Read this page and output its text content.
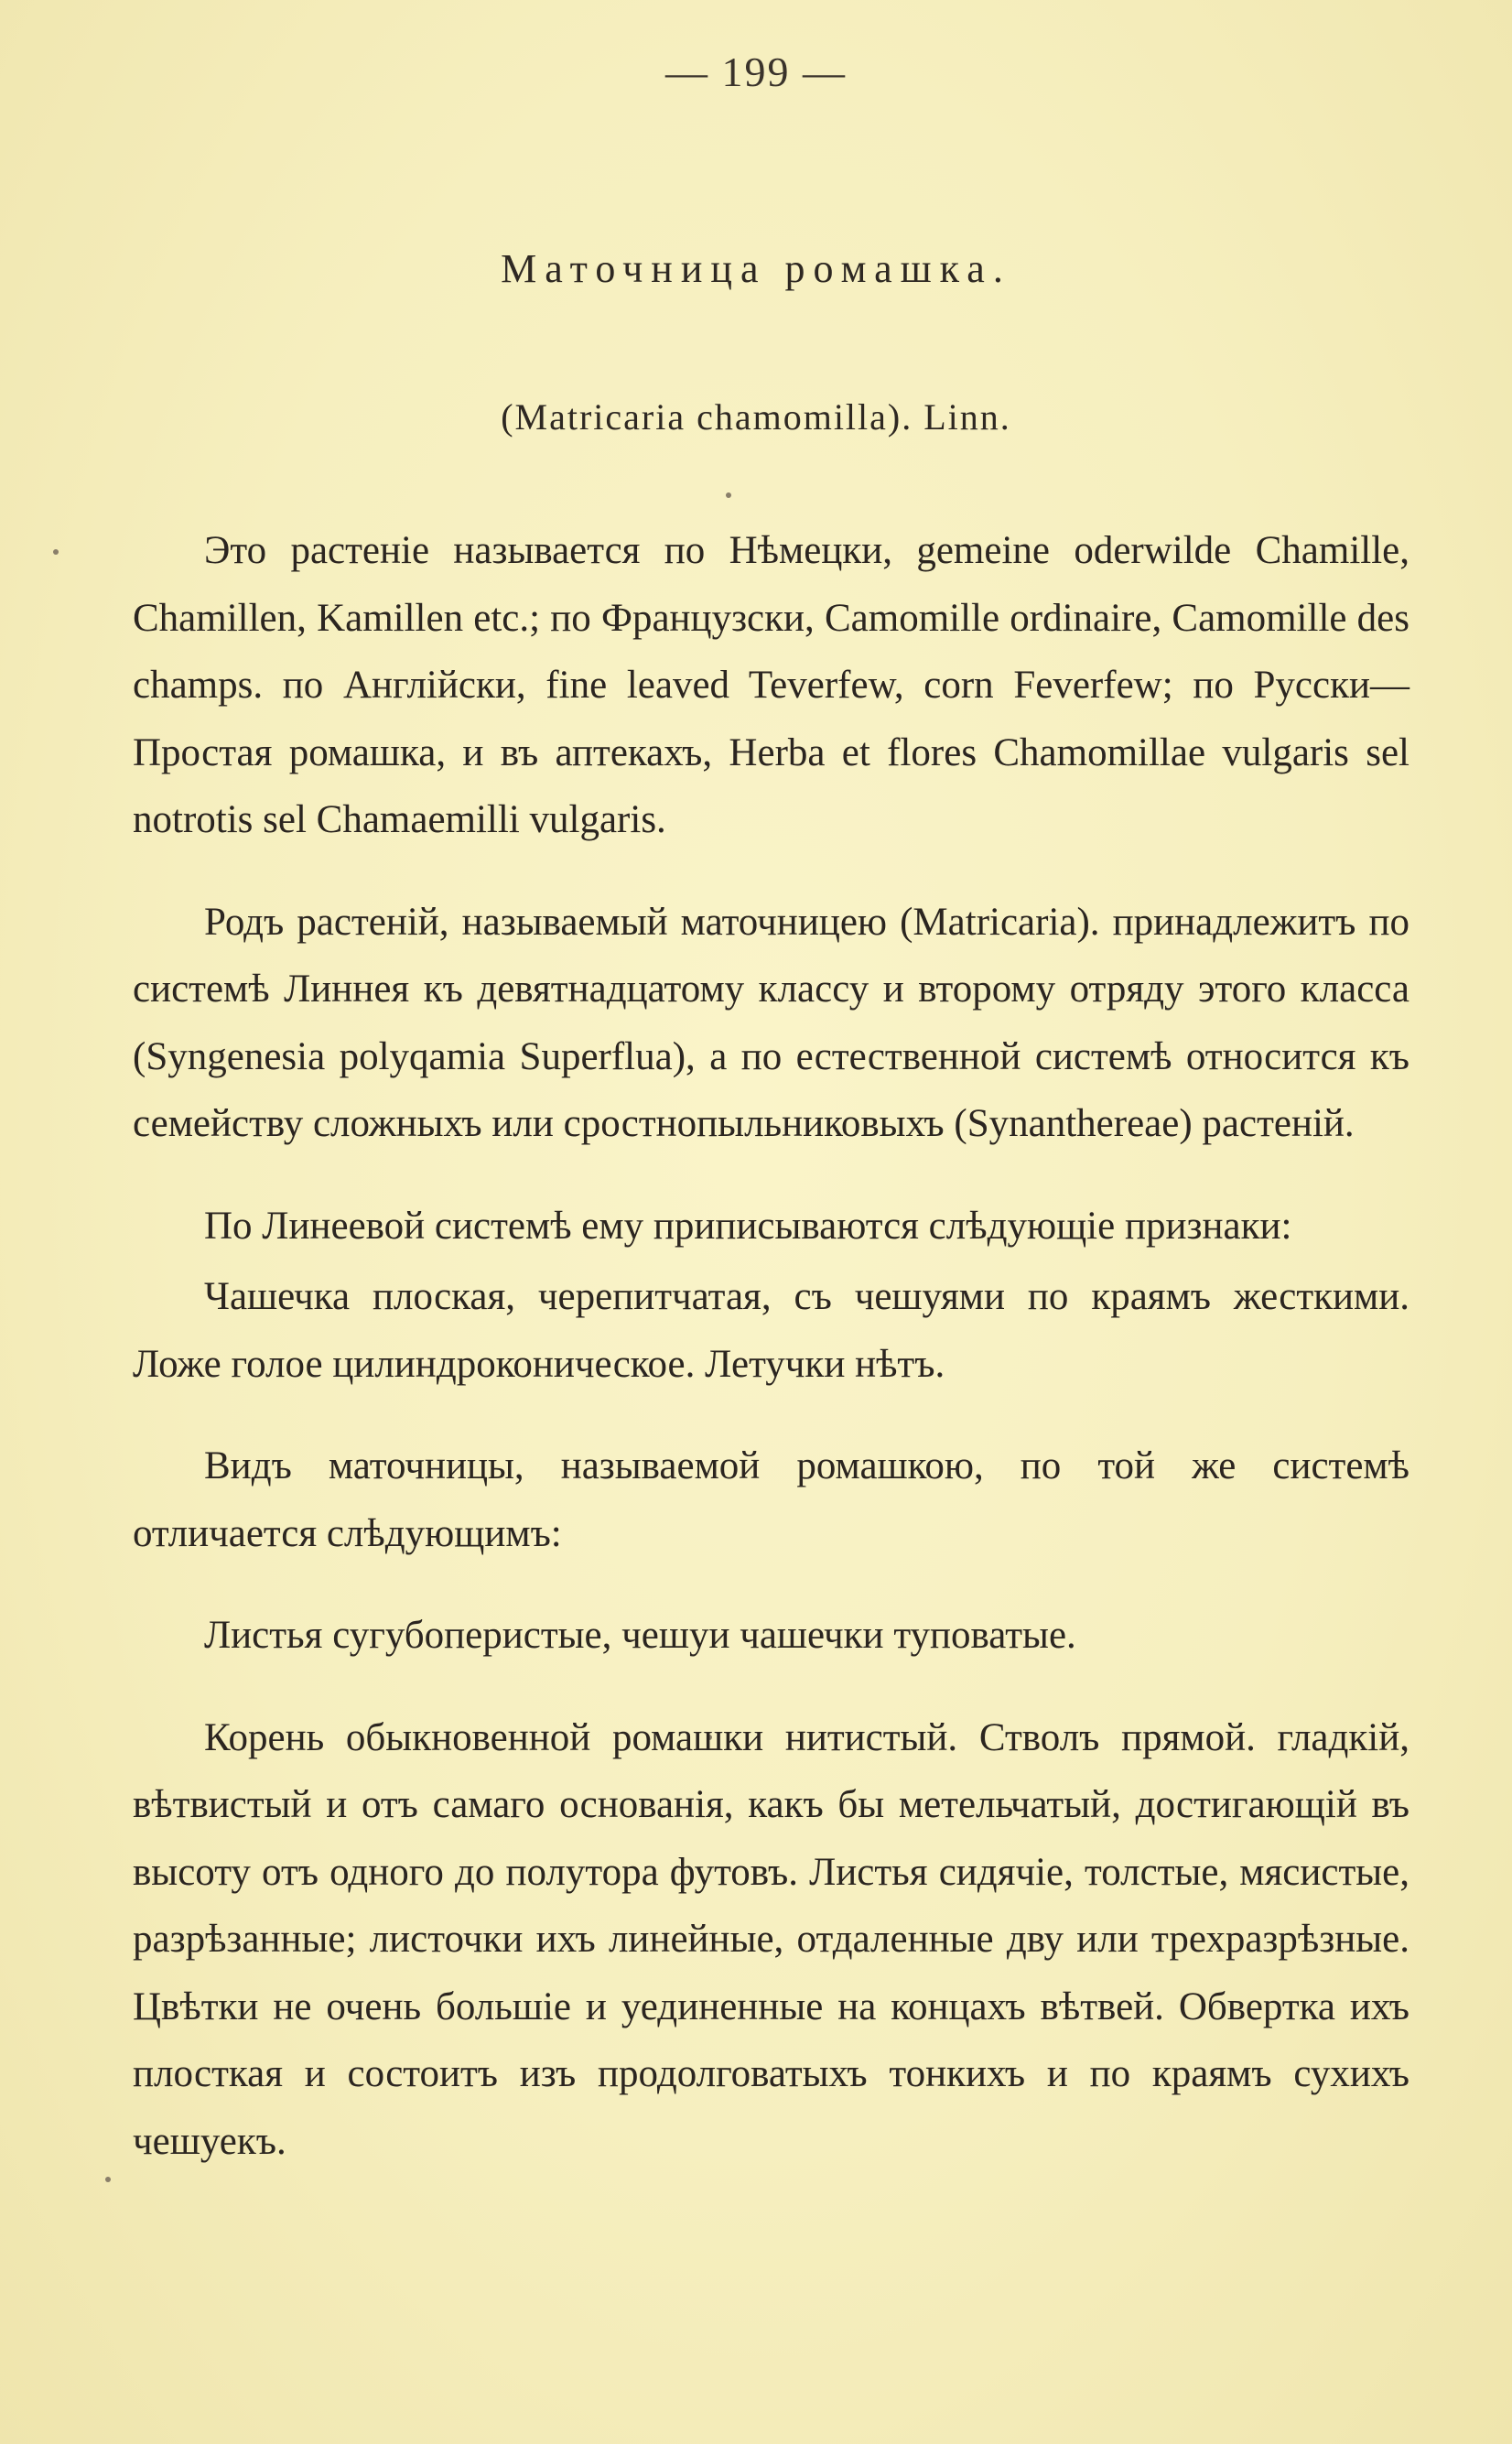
— 199 —
Маточница ромашка.
(Matricaria chamomilla). Linn.

Это растеніе называется по Нѣмецки, gemeine oderwilde Chamille, Chamillen, Kamillen etc.; по Французски, Camomille ordinaire, Camomille des champs. по Англійски, fine leaved Teverfew, corn Feverfew; по Русски—Простая ромашка, и въ аптекахъ, Herba et flores Chamomillae vulgaris sel notrotis sel Chamaemilli vulgaris.

Родъ растеній, называемый маточницею (Matricaria). принадлежитъ по системѣ Линнея къ девятнадцатому классу и второму отряду этого класса (Syngenesia polyqamia Superflua), а по естественной системѣ относится къ семейству сложныхъ или сростнопыльниковыхъ (Synanthereae) растеній.

По Линеевой системѣ ему приписываются слѣдующіе признаки:

Чашечка плоская, черепитчатая, съ чешуями по краямъ жесткими. Ложе голое цилиндроконическое. Летучки нѣтъ.

Видъ маточницы, называемой ромашкою, по той же системѣ отличается слѣдующимъ:

Листья сугубоперистые, чешуи чашечки туповатые.

Корень обыкновенной ромашки нитистый. Стволъ прямой. гладкій, вѣтвистый и отъ самаго основанія, какъ бы метельчатый, достигающій въ высоту отъ одного до полутора футовъ. Листья сидячіе, толстые, мясистые, разрѣзанные; листочки ихъ линейные, отдаленные дву или трехразрѣзные. Цвѣтки не очень большіе и уединенные на концахъ вѣтвей. Обвертка ихъ плосткая и состоитъ изъ продолговатыхъ тонкихъ и по краямъ сухихъ чешуекъ.
